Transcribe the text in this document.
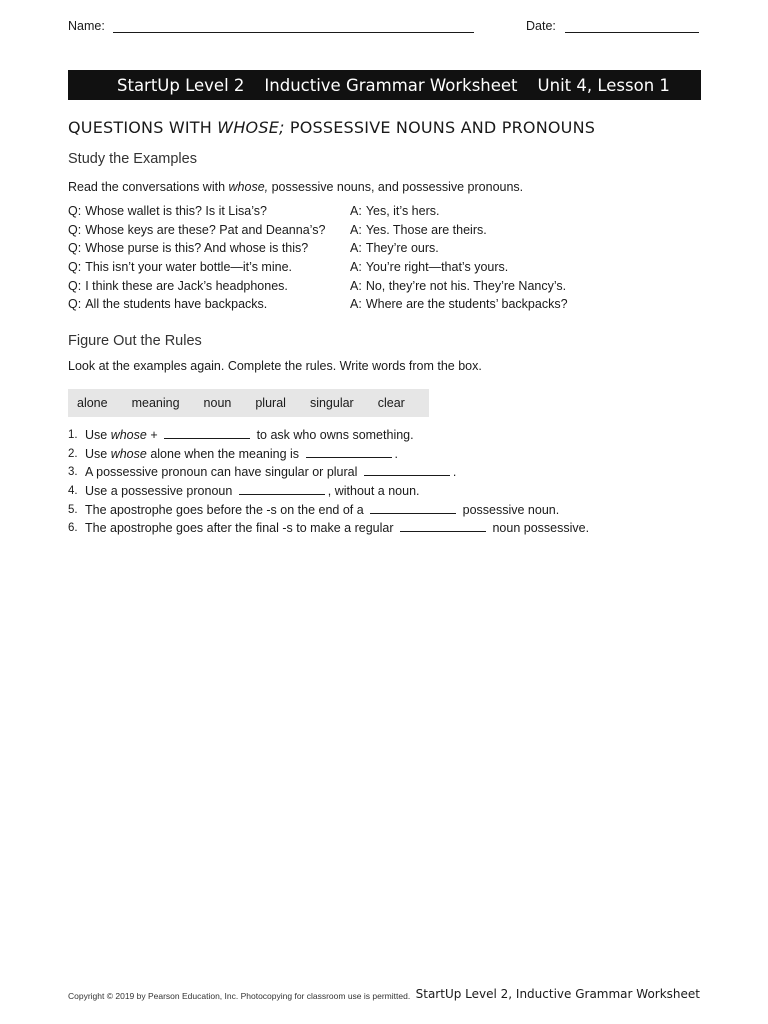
Name:	Date:
StartUp Level 2 Inductive Grammar Worksheet Unit 4, Lesson 1
QUESTIONS WITH WHOSE; POSSESSIVE NOUNS AND PRONOUNS
Study the Examples
Read the conversations with whose, possessive nouns, and possessive pronouns.
Q: Whose wallet is this? Is it Lisa’s?	A: Yes, it’s hers.
Q: Whose keys are these? Pat and Deanna’s? A: Yes. Those are theirs.
Q: Whose purse is this? And whose is this?	A: They’re ours.
Q: This isn’t your water bottle—it’s mine.	A: You’re right—that’s yours.
Q: I think these are Jack’s headphones.	A: No, they’re not his. They’re Nancy’s.
Q: All the students have backpacks.	A: Where are the students’ backpacks?
Figure Out the Rules
Look at the examples again. Complete the rules. Write words from the box.
alone meaning noun plural singular clear
1. Use whose +	to ask who owns something.
2. Use whose alone when the meaning is	.
3. A possessive pronoun can have singular or plural	.
4. Use a possessive pronoun	, without a noun.
5. The apostrophe goes before the -s on the end of a	possessive noun.
6. The apostrophe goes after the final -s to make a regular	noun possessive.
Copyright © 2019 by Pearson Education, Inc. Photocopying for classroom use is permitted. StartUp Level 2, Inductive Grammar Worksheet
